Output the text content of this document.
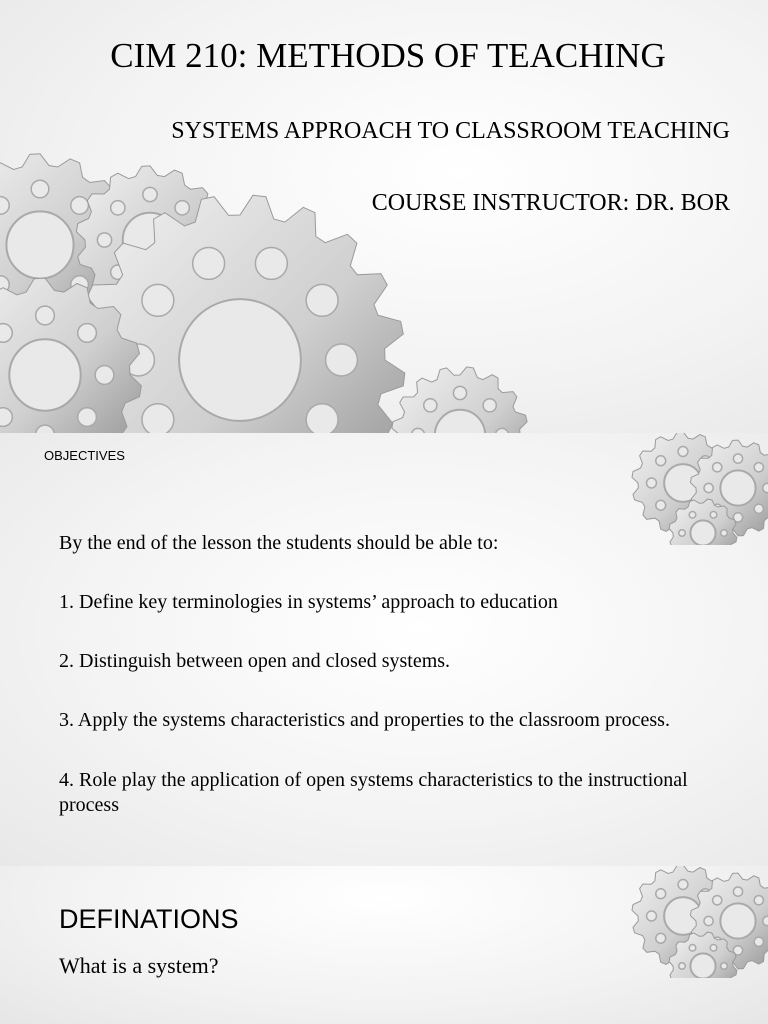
CIM 210: METHODS OF TEACHING
SYSTEMS APPROACH TO CLASSROOM TEACHING
COURSE INSTRUCTOR: DR. BOR
OBJECTIVES
By the end of the lesson the students should be able to:
1. Define key terminologies in systems’ approach to education
2. Distinguish between open and closed systems.
3. Apply the systems characteristics and properties to the classroom process.
4. Role play the application of open systems characteristics to the instructional process
DEFINATIONS
What is a system?
